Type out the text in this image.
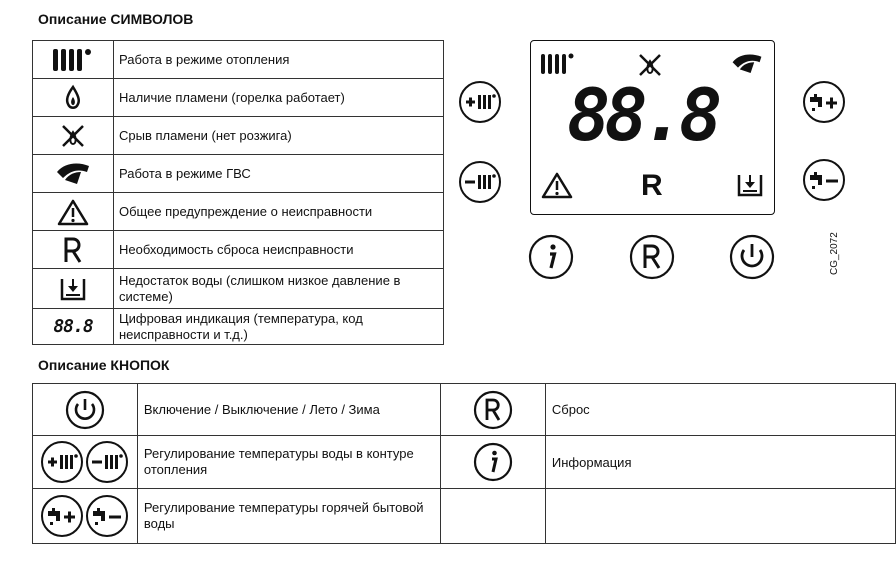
Описание СИМВОЛОВ
	Работа в режиме отопления

	Наличие пламени (горелка работает)

	Срыв пламени (нет розжига)

	Работа в режиме ГВС

	Общее предупреждение о неисправности

	Необходимость сброса неисправности

	Недостаток воды (слишком низкое давление в системе)
88.8	Цифровая индикация (температура, код неисправности и т.д.)
Описание КНОПОК
	Включение / Выключение / Лето / Зима		Сброс

	Регулирование температуры воды в контуре отопления		Информация

	Регулирование температуры горячей бытовой воды		
88.8
R
CG_2072
